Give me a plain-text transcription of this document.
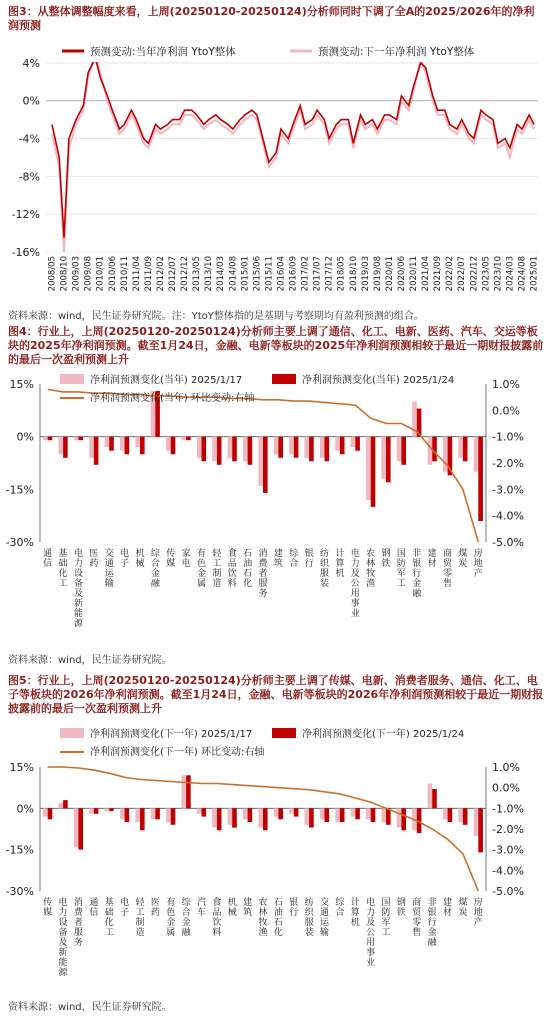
图3：从整体调整幅度来看，上周(20250120-20250124)分析师同时下调了全A的2025/2026年的净利润预测
-16%
-12%
-8%
-4%
0%
4%
2008/05 2008/10 2009/03 2009/08 2010/01 2010/06 2010/11 2011/04 2011/09 2012/02 2012/07 2012/12 2013/05 2013/10 2014/03 2014/08 2015/01 2015/06 2015/11 2016/04 2016/09 2017/02 2017/07 2017/12 2018/05 2018/10 2019/03 2019/08 2020/01 2020/06 2020/11 2021/04 2021/09 2022/02 2022/07 2022/12 2023/05 2023/10 2024/03 2024/08 2025/01
预测变动:当年净利润 YtoY整体	预测变动:下一年净利润 YtoY整体
资料来源：wind，民生证券研究院。注：YtoY整体指的是基期与考察期均有盈利预测的组合。
图4：行业上，上周(20250120-20250124)分析师主要上调了通信、化工、电新、医药、汽车、交运等板块的2025年净利润预测。截至1月24日，金融、电新等板块的2025年净利润预测相较于最近一期财报披露前的最后一次盈利预测上升
-30%
-15%
0%
15%
-5.0%
-4.0%
-3.0%
-2.0%
-1.0%
0.0%
1.0%
通信
基础化工
电力设备及新能源
医药
交通运输
电子
机械
综合金融
传媒
家电
有色金属
轻工制造
食品饮料
石油石化
消费者服务
建筑
综合
银行
纺织服装
计算机
电力及公用事业
农林牧渔
钢铁
国防军工
非银行金融
建材
商贸零售
煤炭
房地产
净利润预测变化(当年) 2025/1/17	净利润预测变化(当年) 2025/1/24
净利润预测变化(当年) 环比变动:右轴
资料来源：wind，民生证券研究院。
图5：行业上，上周(20250120-20250124)分析师主要上调了传媒、电新、消费者服务、通信、化工、电子等板块的2026年净利润预测。截至1月24日，金融、电新等板块的2026年净利润预测相较于最近一期财报披露前的最后一次盈利预测上升
-30%
-15%
0%
15%
-5.0%
-4.0%
-3.0%
-2.0%
-1.0%
0.0%
1.0%
传媒
电力设备及新能源
消费者服务
通信
基础化工
电子
轻工制造
医药
有色金属
综合金融
汽车
食品饮料
机械
建筑
农林牧渔
石油石化
银行
纺织服装
交通运输
综合
计算机
电力及公用事业
国防军工
钢铁
商贸零售
非银行金融
建材
煤炭
房地产
净利润预测变化(下一年) 2025/1/17	净利润预测变化(下一年) 2025/1/24
净利润预测变化(下一年) 环比变动:右轴
资料来源：wind，民生证券研究院。
